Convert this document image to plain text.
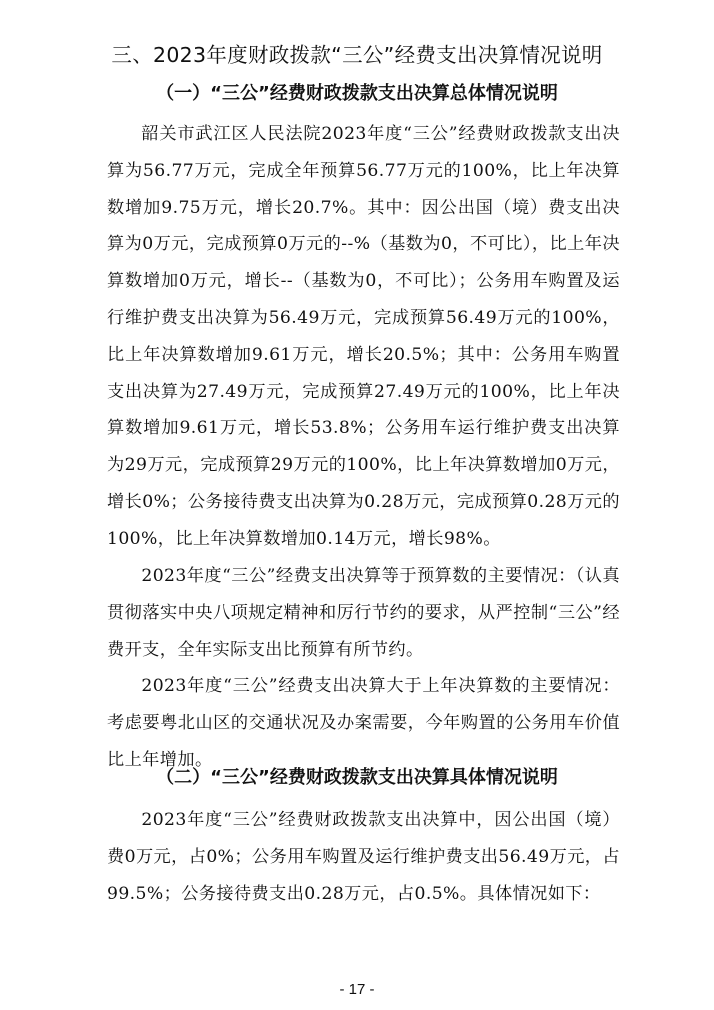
三、2023年度财政拨款“三公”经费支出决算情况说明
（一）“三公”经费财政拨款支出决算总体情况说明

韶关市武江区人民法院2023年度“三公”经费财政拨款支出决算为56.77万元，完成全年预算56.77万元的100%，比上年决算数增加9.75万元，增长20.7%。其中：因公出国（境）费支出决算为0万元，完成预算0万元的--%（基数为0，不可比），比上年决算数增加0万元，增长--（基数为0，不可比）；公务用车购置及运行维护费支出决算为56.49万元，完成预算56.49万元的100%，比上年决算数增加9.61万元，增长20.5%；其中：公务用车购置支出决算为27.49万元，完成预算27.49万元的100%，比上年决算数增加9.61万元，增长53.8%；公务用车运行维护费支出决算为29万元，完成预算29万元的100%，比上年决算数增加0万元，增长0%；公务接待费支出决算为0.28万元，完成预算0.28万元的100%，比上年决算数增加0.14万元，增长98%。

2023年度“三公”经费支出决算等于预算数的主要情况：（认真贯彻落实中央八项规定精神和厉行节约的要求，从严控制“三公”经费开支，全年实际支出比预算有所节约。

2023年度“三公”经费支出决算大于上年决算数的主要情况：考虑要粤北山区的交通状况及办案需要，今年购置的公务用车价值比上年增加。

（二）“三公”经费财政拨款支出决算具体情况说明

2023年度“三公”经费财政拨款支出决算中，因公出国（境）费0万元，占0%；公务用车购置及运行维护费支出56.49万元，占99.5%；公务接待费支出0.28万元，占0.5%。具体情况如下：

- 17 -
